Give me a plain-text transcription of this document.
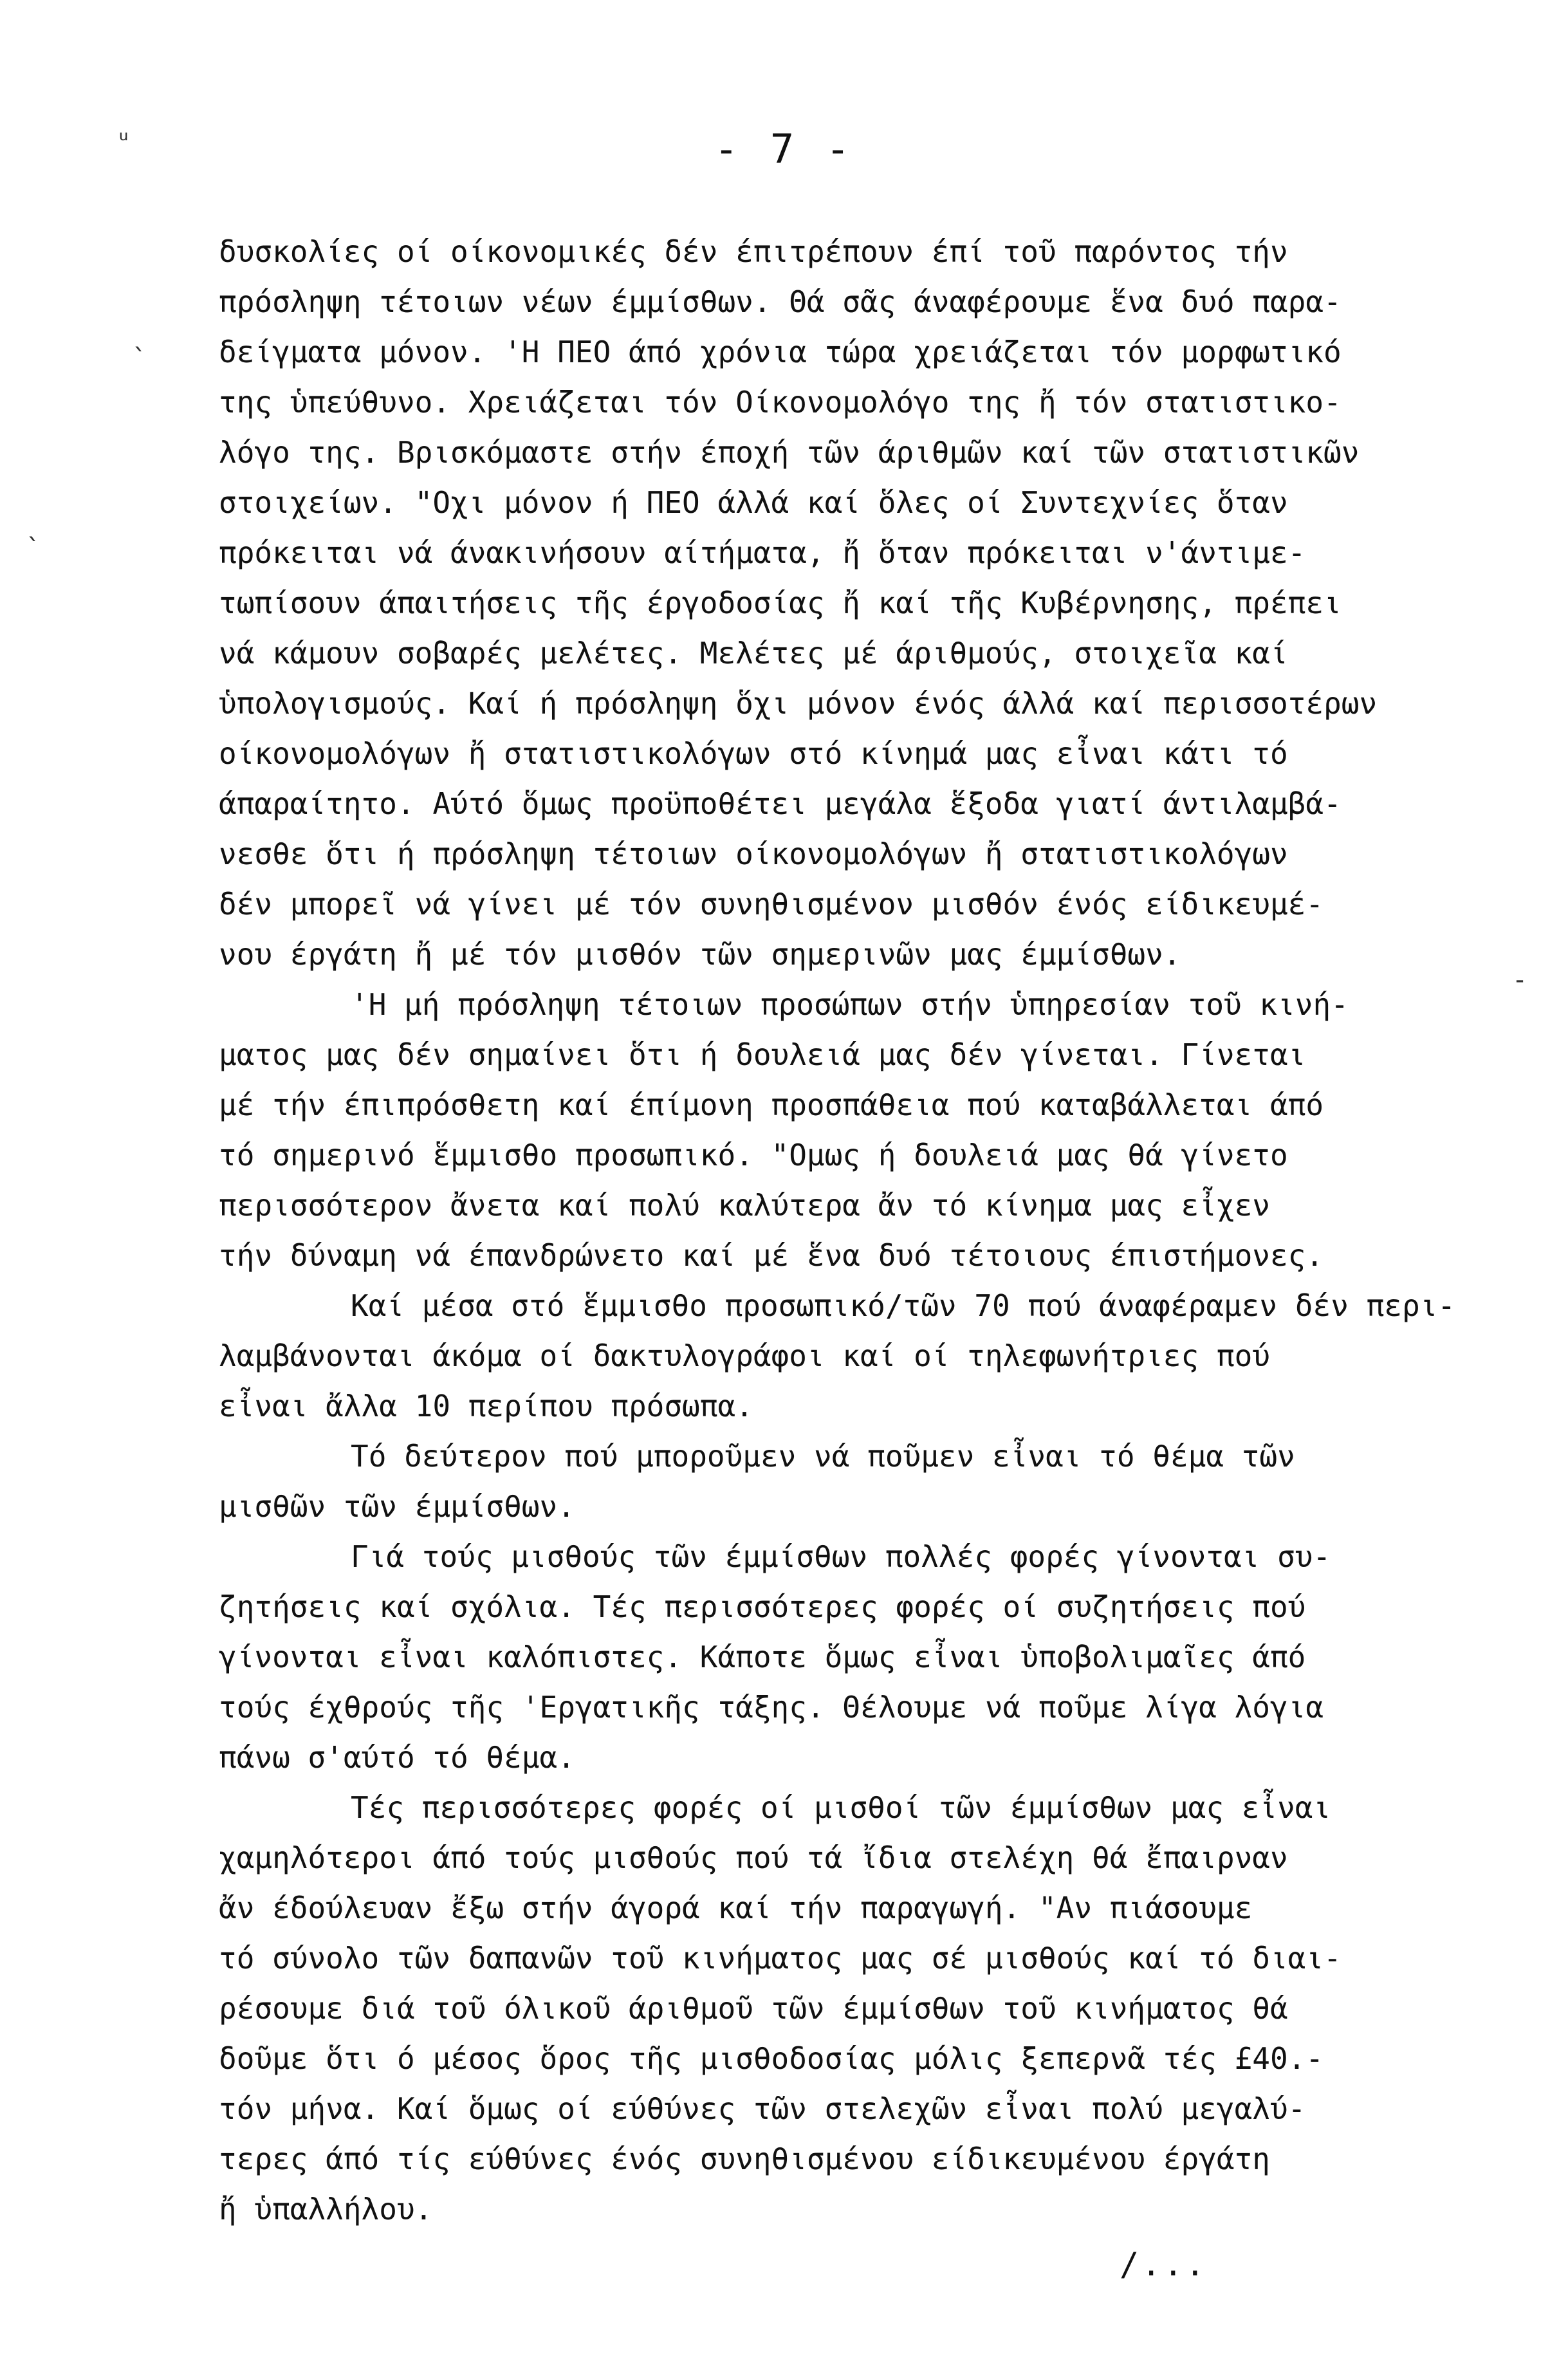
- 7 -
ᵘ
`
`
-
δυσκολίες οί οίκονομικές δέν έπιτρέπουν έπί τοῦ παρόντος τήν
πρόσληψη τέτοιων νέων έμμίσθων. Θά σᾶς άναφέρουμε ἕνα δυό παρα-
δείγματα μόνον. 'Η ΠΕΟ άπό χρόνια τώρα χρειάζεται τόν μορφωτικό
της ὑπεύθυνο. Χρειάζεται τόν Οίκονομολόγο της ἤ τόν στατιστικο-
λόγο της. Βρισκόμαστε στήν έποχή τῶν άριθμῶν καί τῶν στατιστικῶν
στοιχείων. "Οχι μόνον ή ΠΕΟ άλλά καί ὅλες οί Συντεχνίες ὅταν
πρόκειται νά άνακινήσουν αίτήματα, ἤ ὅταν πρόκειται ν'άντιμε-
τωπίσουν άπαιτήσεις τῆς έργοδοσίας ἤ καί τῆς Κυβέρνησης, πρέπει
νά κάμουν σοβαρές μελέτες. Μελέτες μέ άριθμούς, στοιχεῖα καί
ὑπολογισμούς. Καί ή πρόσληψη ὅχι μόνον ένός άλλά καί περισσοτέρων
οίκονομολόγων ἤ στατιστικολόγων στό κίνημά μας εἶναι κάτι τό
άπαραίτητο. Αύτό ὅμως προϋποθέτει μεγάλα ἕξοδα γιατί άντιλαμβά-
νεσθε ὅτι ή πρόσληψη τέτοιων οίκονομολόγων ἤ στατιστικολόγων
δέν μπορεῖ νά γίνει μέ τόν συνηθισμένον μισθόν ένός είδικευμέ-
νου έργάτη ἤ μέ τόν μισθόν τῶν σημερινῶν μας έμμίσθων.
'Η μή πρόσληψη τέτοιων προσώπων στήν ὑπηρεσίαν τοῦ κινή-
ματος μας δέν σημαίνει ὅτι ή δουλειά μας δέν γίνεται. Γίνεται
μέ τήν έπιπρόσθετη καί έπίμονη προσπάθεια πού καταβάλλεται άπό
τό σημερινό ἕμμισθο προσωπικό. "Ομως ή δουλειά μας θά γίνετο
περισσότερον ἄνετα καί πολύ καλύτερα ἄν τό κίνημα μας εἶχεν
τήν δύναμη νά έπανδρώνετο καί μέ ἕνα δυό τέτοιους έπιστήμονες.
Καί μέσα στό ἕμμισθο προσωπικό/τῶν 70 πού άναφέραμεν δέν περι-
λαμβάνονται άκόμα οί δακτυλογράφοι καί οί τηλεφωνήτριες πού
εἶναι ἄλλα 10 περίπου πρόσωπα.
Τό δεύτερον πού μποροῦμεν νά ποῦμεν εἶναι τό θέμα τῶν
μισθῶν τῶν έμμίσθων.
Γιά τούς μισθούς τῶν έμμίσθων πολλές φορές γίνονται συ-
ζητήσεις καί σχόλια. Τές περισσότερες φορές οί συζητήσεις πού
γίνονται εἶναι καλόπιστες. Κάποτε ὅμως εἶναι ὑποβολιμαῖες άπό
τούς έχθρούς τῆς 'Εργατικῆς τάξης. Θέλουμε νά ποῦμε λίγα λόγια
πάνω σ'αύτό τό θέμα.
Τές περισσότερες φορές οί μισθοί τῶν έμμίσθων μας εἶναι
χαμηλότεροι άπό τούς μισθούς πού τά ἴδια στελέχη θά ἔπαιρναν
ἄν έδούλευαν ἔξω στήν άγορά καί τήν παραγωγή. "Αν πιάσουμε
τό σύνολο τῶν δαπανῶν τοῦ κινήματος μας σέ μισθούς καί τό διαι-
ρέσουμε διά τοῦ όλικοῦ άριθμοῦ τῶν έμμίσθων τοῦ κινήματος θά
δοῦμε ὅτι ό μέσος ὅρος τῆς μισθοδοσίας μόλις ξεπερνᾶ τές £40.-
τόν μήνα. Καί ὅμως οί εύθύνες τῶν στελεχῶν εἶναι πολύ μεγαλύ-
τερες άπό τίς εύθύνες ένός συνηθισμένου είδικευμένου έργάτη
ἤ ὑπαλλήλου.
/...
